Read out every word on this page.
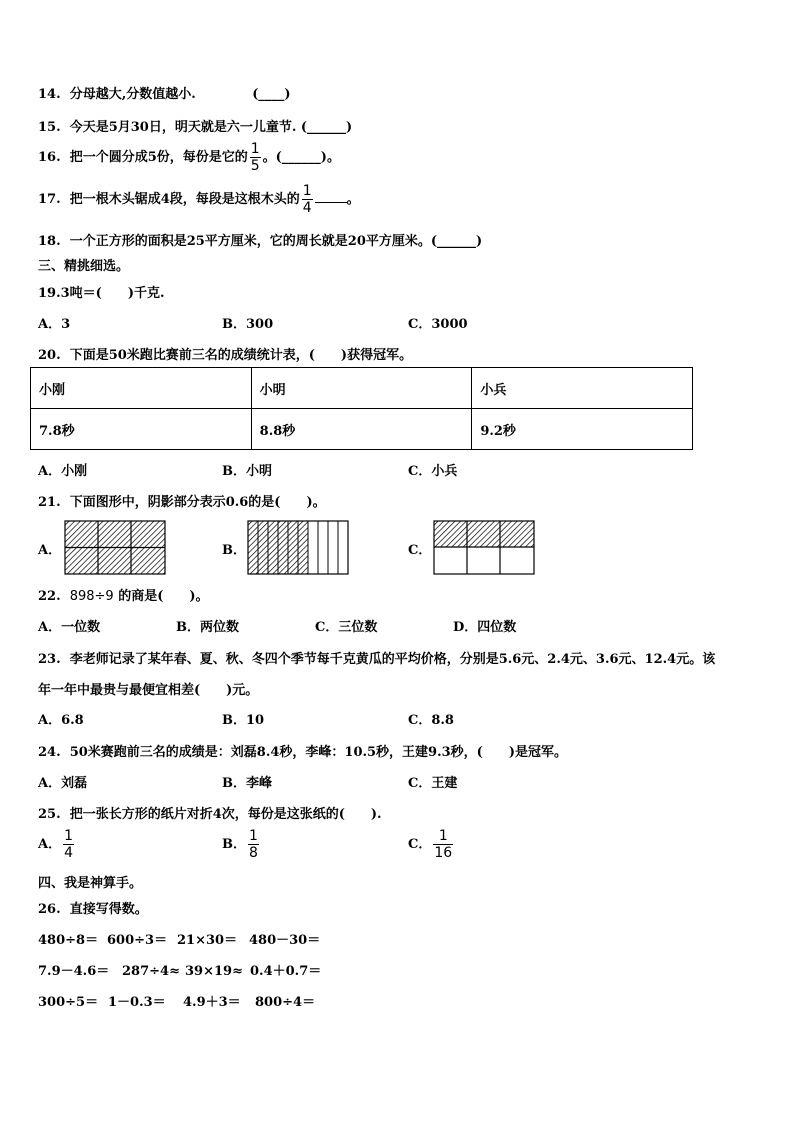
14. 分母越大,分数值越小.	(____)
15. 今天是5月30日，明天就是六一儿童节. (______)
16. 把一个圆分成5份，每份是它的 $\frac{1}{5}$ 。(______)。
17. 把一根木头锯成4段，每段是这根木头的 $\frac{1}{4}$	。
18. 一个正方形的面积是25平方厘米，它的周长就是20平方厘米。(______)
三、精挑细选。
19.3吨＝(　　)千克.
A．3	B．300	C．3000
20. 下面是50米跑比赛前三名的成绩统计表，(　　)获得冠军。
小刚	小明	小兵
7.8秒	8.8秒	9.2秒
A．小刚	B．小明	C．小兵
21. 下面图形中，阴影部分表示0.6的是(　　)。
A．	B．	C．
22. 898÷9 的商是(　　)。
A．一位数	B．两位数	C．三位数	D．四位数
23. 李老师记录了某年春、夏、秋、冬四个季节每千克黄瓜的平均价格，分别是5.6元、2.4元、3.6元、12.4元。该
年一年中最贵与最便宜相差(　　)元。
A．6.8	B．10	C．8.8
24. 50米赛跑前三名的成绩是：刘磊8.4秒，李峰：10.5秒，王建9.3秒，(　　)是冠军。
A．刘磊	B．李峰	C．王建
25. 把一张长方形的纸片对折4次，每份是这张纸的(　　).
A． $\frac{1}{4}$	B． $\frac{1}{8}$	C． $\frac{1}{16}$
四、我是神算手。
26. 直接写得数。
480÷8＝ 600÷3＝ 21×30＝ 480－30＝
7.9－4.6＝ 287÷4≈ 39×19≈ 0.4＋0.7＝
300÷5＝ 1－0.3＝ 4.9＋3＝ 800÷4＝
